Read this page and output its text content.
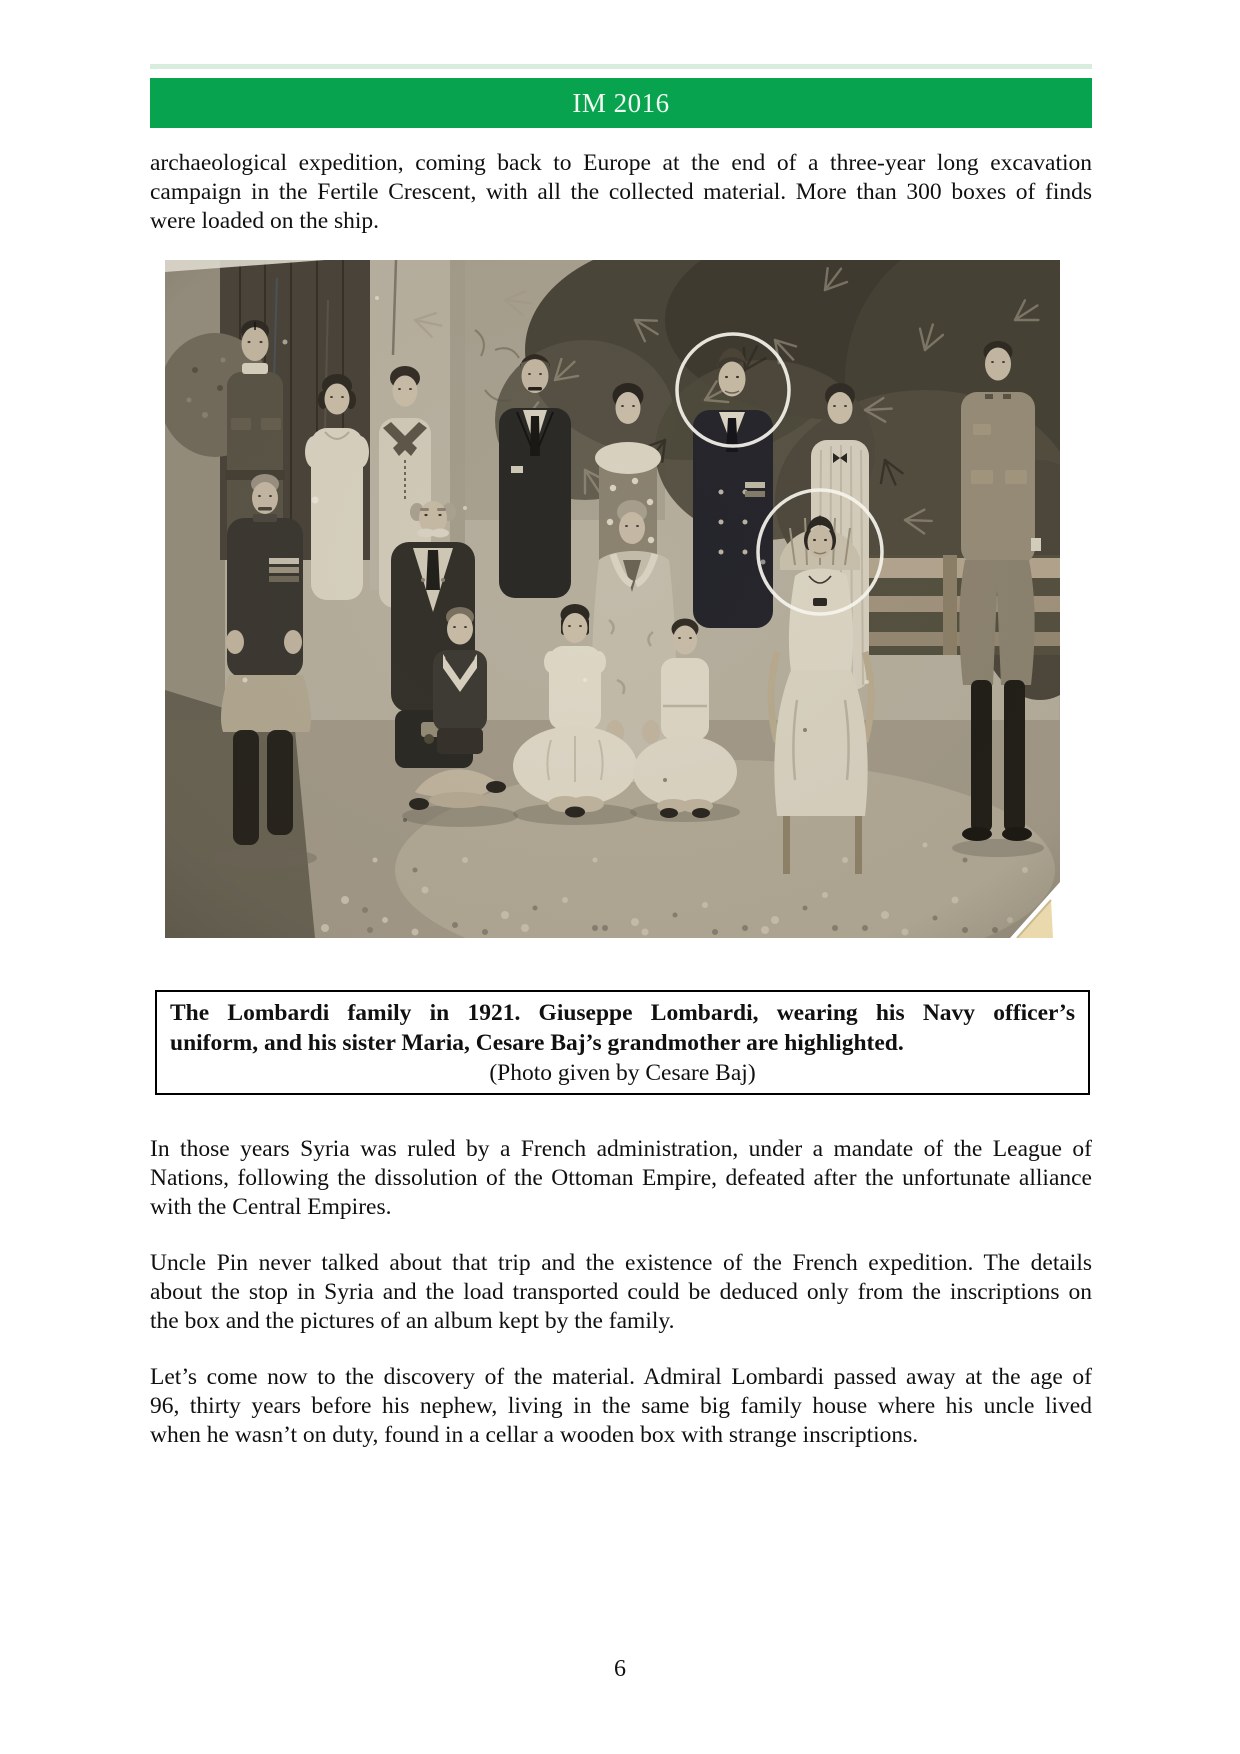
IM 2016
archaeological expedition, coming back to Europe at the end of a three-year long excavation
campaign in the Fertile Crescent, with all the collected material. More than 300 boxes of finds
were loaded on the ship.
The Lombardi family in 1921. Giuseppe Lombardi, wearing his Navy officer’s
uniform, and his sister Maria, Cesare Baj’s grandmother are highlighted.
(Photo given by Cesare Baj)
In those years Syria was ruled by a French administration, under a mandate of the League of
Nations, following the dissolution of the Ottoman Empire, defeated after the unfortunate alliance
with the Central Empires.
Uncle Pin never talked about that trip and the existence of the French expedition. The details
about the stop in Syria and the load transported could be deduced only from the inscriptions on
the box and the pictures of an album kept by the family.
Let’s come now to the discovery of the material. Admiral Lombardi passed away at the age of
96, thirty years before his nephew, living in the same big family house where his uncle lived
when he wasn’t on duty, found in a cellar a wooden box with strange inscriptions.
6
